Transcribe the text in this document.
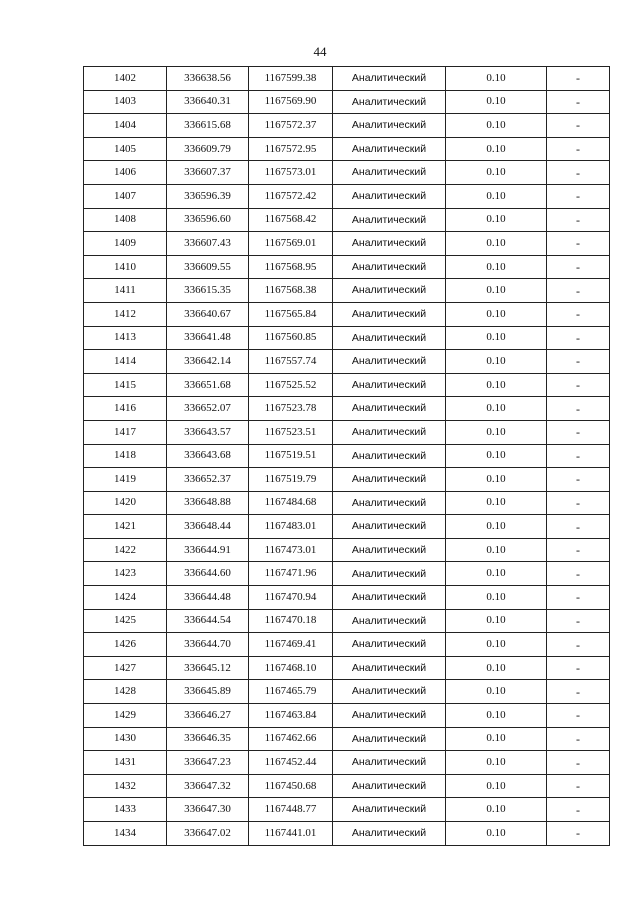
44
1402	336638.56	1167599.38	Аналитический	0.10	-
1403	336640.31	1167569.90	Аналитический	0.10	-
1404	336615.68	1167572.37	Аналитический	0.10	-
1405	336609.79	1167572.95	Аналитический	0.10	-
1406	336607.37	1167573.01	Аналитический	0.10	-
1407	336596.39	1167572.42	Аналитический	0.10	-
1408	336596.60	1167568.42	Аналитический	0.10	-
1409	336607.43	1167569.01	Аналитический	0.10	-
1410	336609.55	1167568.95	Аналитический	0.10	-
1411	336615.35	1167568.38	Аналитический	0.10	-
1412	336640.67	1167565.84	Аналитический	0.10	-
1413	336641.48	1167560.85	Аналитический	0.10	-
1414	336642.14	1167557.74	Аналитический	0.10	-
1415	336651.68	1167525.52	Аналитический	0.10	-
1416	336652.07	1167523.78	Аналитический	0.10	-
1417	336643.57	1167523.51	Аналитический	0.10	-
1418	336643.68	1167519.51	Аналитический	0.10	-
1419	336652.37	1167519.79	Аналитический	0.10	-
1420	336648.88	1167484.68	Аналитический	0.10	-
1421	336648.44	1167483.01	Аналитический	0.10	-
1422	336644.91	1167473.01	Аналитический	0.10	-
1423	336644.60	1167471.96	Аналитический	0.10	-
1424	336644.48	1167470.94	Аналитический	0.10	-
1425	336644.54	1167470.18	Аналитический	0.10	-
1426	336644.70	1167469.41	Аналитический	0.10	-
1427	336645.12	1167468.10	Аналитический	0.10	-
1428	336645.89	1167465.79	Аналитический	0.10	-
1429	336646.27	1167463.84	Аналитический	0.10	-
1430	336646.35	1167462.66	Аналитический	0.10	-
1431	336647.23	1167452.44	Аналитический	0.10	-
1432	336647.32	1167450.68	Аналитический	0.10	-
1433	336647.30	1167448.77	Аналитический	0.10	-
1434	336647.02	1167441.01	Аналитический	0.10	-
